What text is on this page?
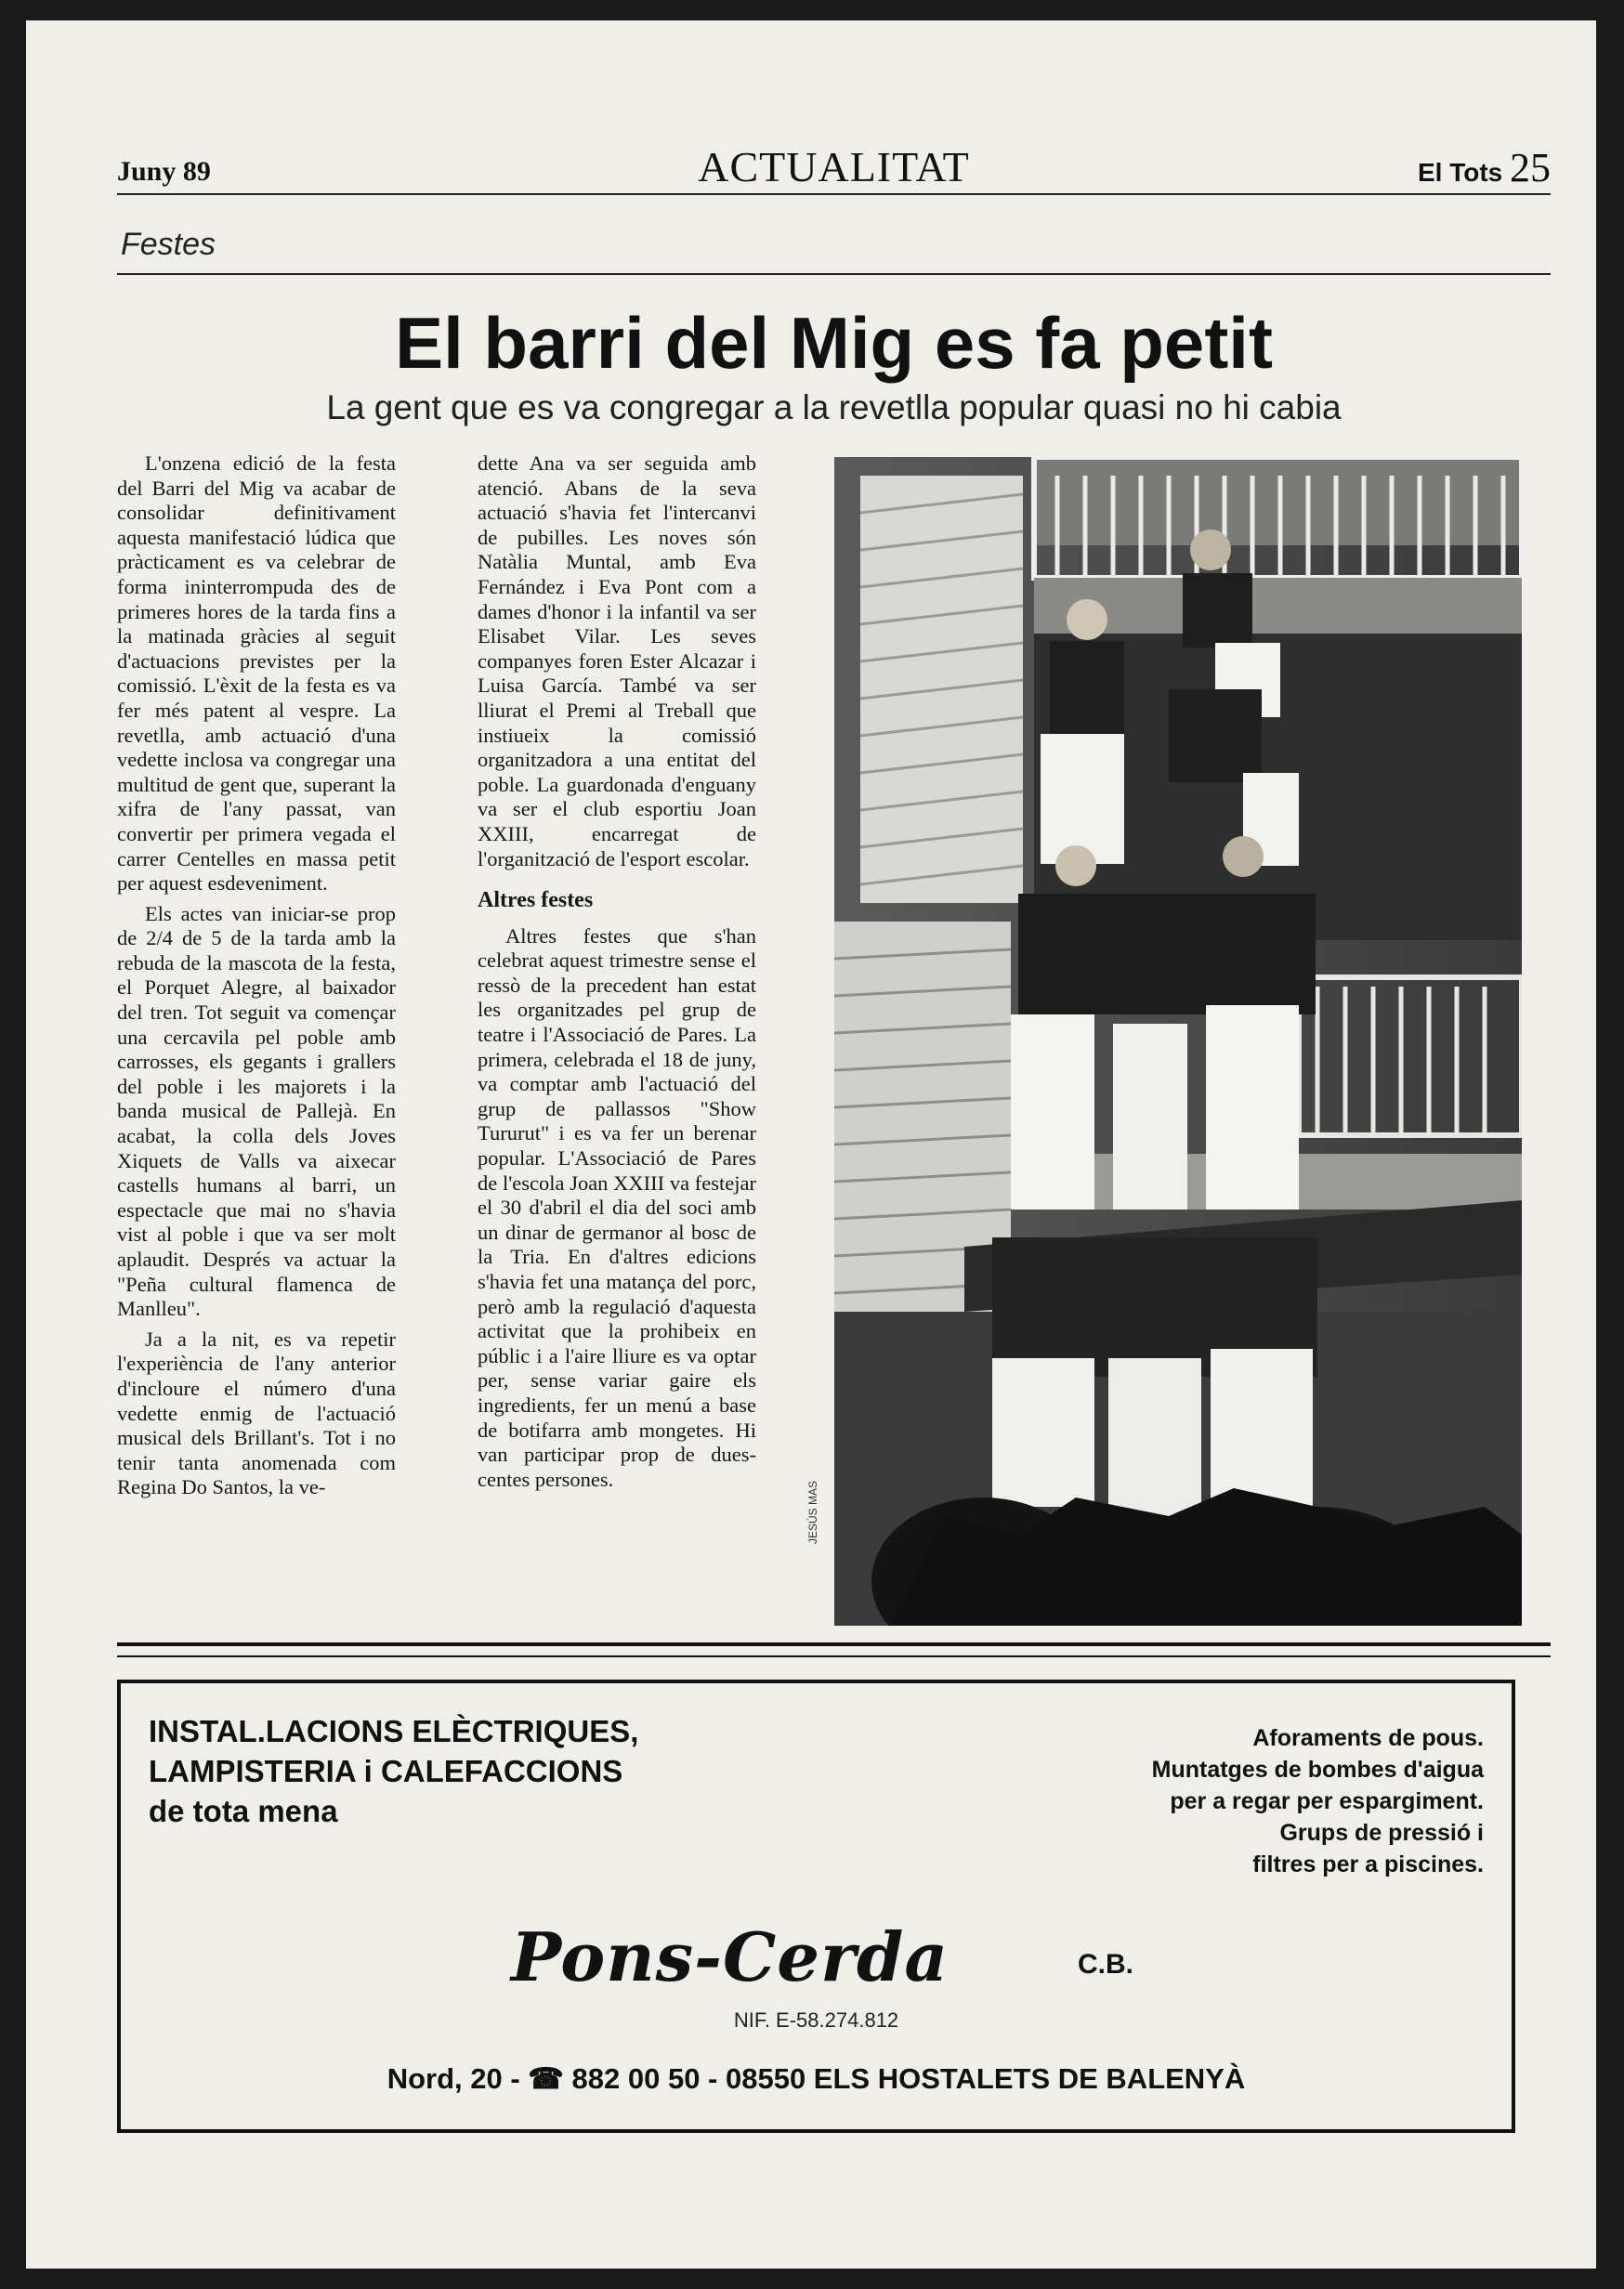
Juny 89	ACTUALITAT	El Tots 25
Festes
El barri del Mig es fa petit
La gent que es va congregar a la revetlla popular quasi no hi cabia

L'onzena edició de la festa del Barri del Mig va acabar de consolidar definitivament aquesta manifestació lúdica que pràcticament es va celebrar de forma ininterrompuda des de primeres hores de la tarda fins a la matinada gràcies al seguit d'actuacions previstes per la comissió. L'èxit de la festa es va fer més patent al vespre. La revetlla, amb actuació d'una vedette inclosa va congregar una multitud de gent que, superant la xifra de l'any passat, van convertir per primera vegada el carrer Centelles en massa petit per aquest esdeveniment.

Els actes van iniciar-se prop de 2/4 de 5 de la tarda amb la rebuda de la mascota de la festa, el Porquet Alegre, al baixador del tren. Tot seguit va començar una cercavila pel poble amb carrosses, els gegants i grallers del poble i les majorets i la banda musical de Pallejà. En acabat, la colla dels Joves Xiquets de Valls va aixecar castells humans al barri, un espectacle que mai no s'havia vist al poble i que va ser molt aplaudit. Després va actuar la "Peña cultural flamenca de Manlleu".

Ja a la nit, es va repetir l'experiència de l'any anterior d'incloure el número d'una vedette enmig de l'actuació musical dels Brillant's. Tot i no tenir tanta anomenada com Regina Do Santos, la ve-

dette Ana va ser seguida amb atenció. Abans de la seva actuació s'havia fet l'intercanvi de pubilles. Les noves són Natàlia Muntal, amb Eva Fernández i Eva Pont com a dames d'honor i la infantil va ser Elisabet Vilar. Les seves companyes foren Ester Alcazar i Luisa García. També va ser lliurat el Premi al Treball que instiueix la comissió organitzadora a una entitat del poble. La guardonada d'enguany va ser el club esportiu Joan XXIII, encarregat de l'organització de l'esport escolar.

Altres festes

Altres festes que s'han celebrat aquest trimestre sense el ressò de la precedent han estat les organitzades pel grup de teatre i l'Associació de Pares. La primera, celebrada el 18 de juny, va comptar amb l'actuació del grup de pallassos "Show Tururut" i es va fer un berenar popular. L'Associació de Pares de l'escola Joan XXIII va festejar el 30 d'abril el dia del soci amb un dinar de germanor al bosc de la Tria. En d'altres edicions s'havia fet una matança del porc, però amb la regulació d'aquesta activitat que la prohibeix en públic i a l'aire lliure es va optar per, sense variar gaire els ingredients, fer un menú a base de botifarra amb mongetes. Hi van participar prop de dues-centes persones.

JESÚS MAS
INSTAL.LACIONS ELÈCTRIQUES,
LAMPISTERIA i CALEFACCIONS
de tota mena
Aforaments de pous.
Muntatges de bombes d'aigua
per a regar per espargiment.
Grups de pressió i
filtres per a piscines.
Pons-Cerda	C.B.
NIF. E-58.274.812
Nord, 20 - ☎ 882 00 50 - 08550 ELS HOSTALETS DE BALENYÀ
